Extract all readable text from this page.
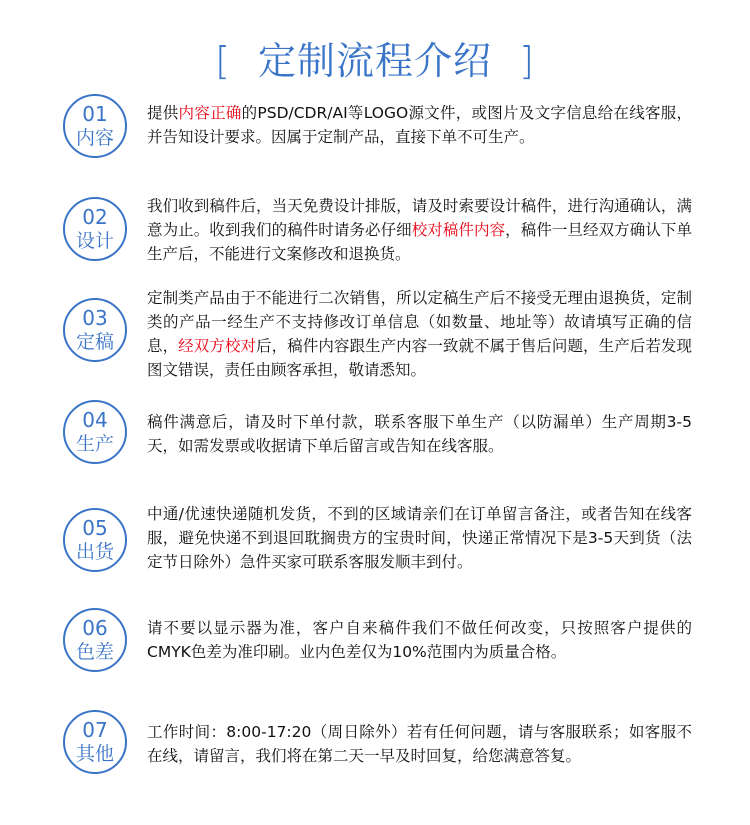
[ 定制流程介绍 ]
01
内容
提供内容正确的PSD/CDR/AI等LOGO源文件，或图片及文字信息给在线客服，并告知设计要求。因属于定制产品，直接下单不可生产。
02
设计
我们收到稿件后，当天免费设计排版，请及时索要设计稿件，进行沟通确认，满意为止。收到我们的稿件时请务必仔细校对稿件内容，稿件一旦经双方确认下单生产后，不能进行文案修改和退换货。
03
定稿
定制类产品由于不能进行二次销售，所以定稿生产后不接受无理由退换货，定制类的产品一经生产不支持修改订单信息（如数量、地址等）故请填写正确的信息，经双方校对后，稿件内容跟生产内容一致就不属于售后问题，生产后若发现图文错误，责任由顾客承担，敬请悉知。
04
生产
稿件满意后，请及时下单付款，联系客服下单生产（以防漏单）生产周期3-5天，如需发票或收据请下单后留言或告知在线客服。
05
出货
中通/优速快递随机发货，不到的区域请亲们在订单留言备注，或者告知在线客服，避免快递不到退回耽搁贵方的宝贵时间，快递正常情况下是3-5天到货（法定节日除外）急件买家可联系客服发顺丰到付。
06
色差
请不要以显示器为准，客户自来稿件我们不做任何改变，只按照客户提供的CMYK色差为准印刷。业内色差仅为10%范围内为质量合格。
07
其他
工作时间：8:00-17:20（周日除外）若有任何问题，请与客服联系；如客服不在线，请留言，我们将在第二天一早及时回复，给您满意答复。
